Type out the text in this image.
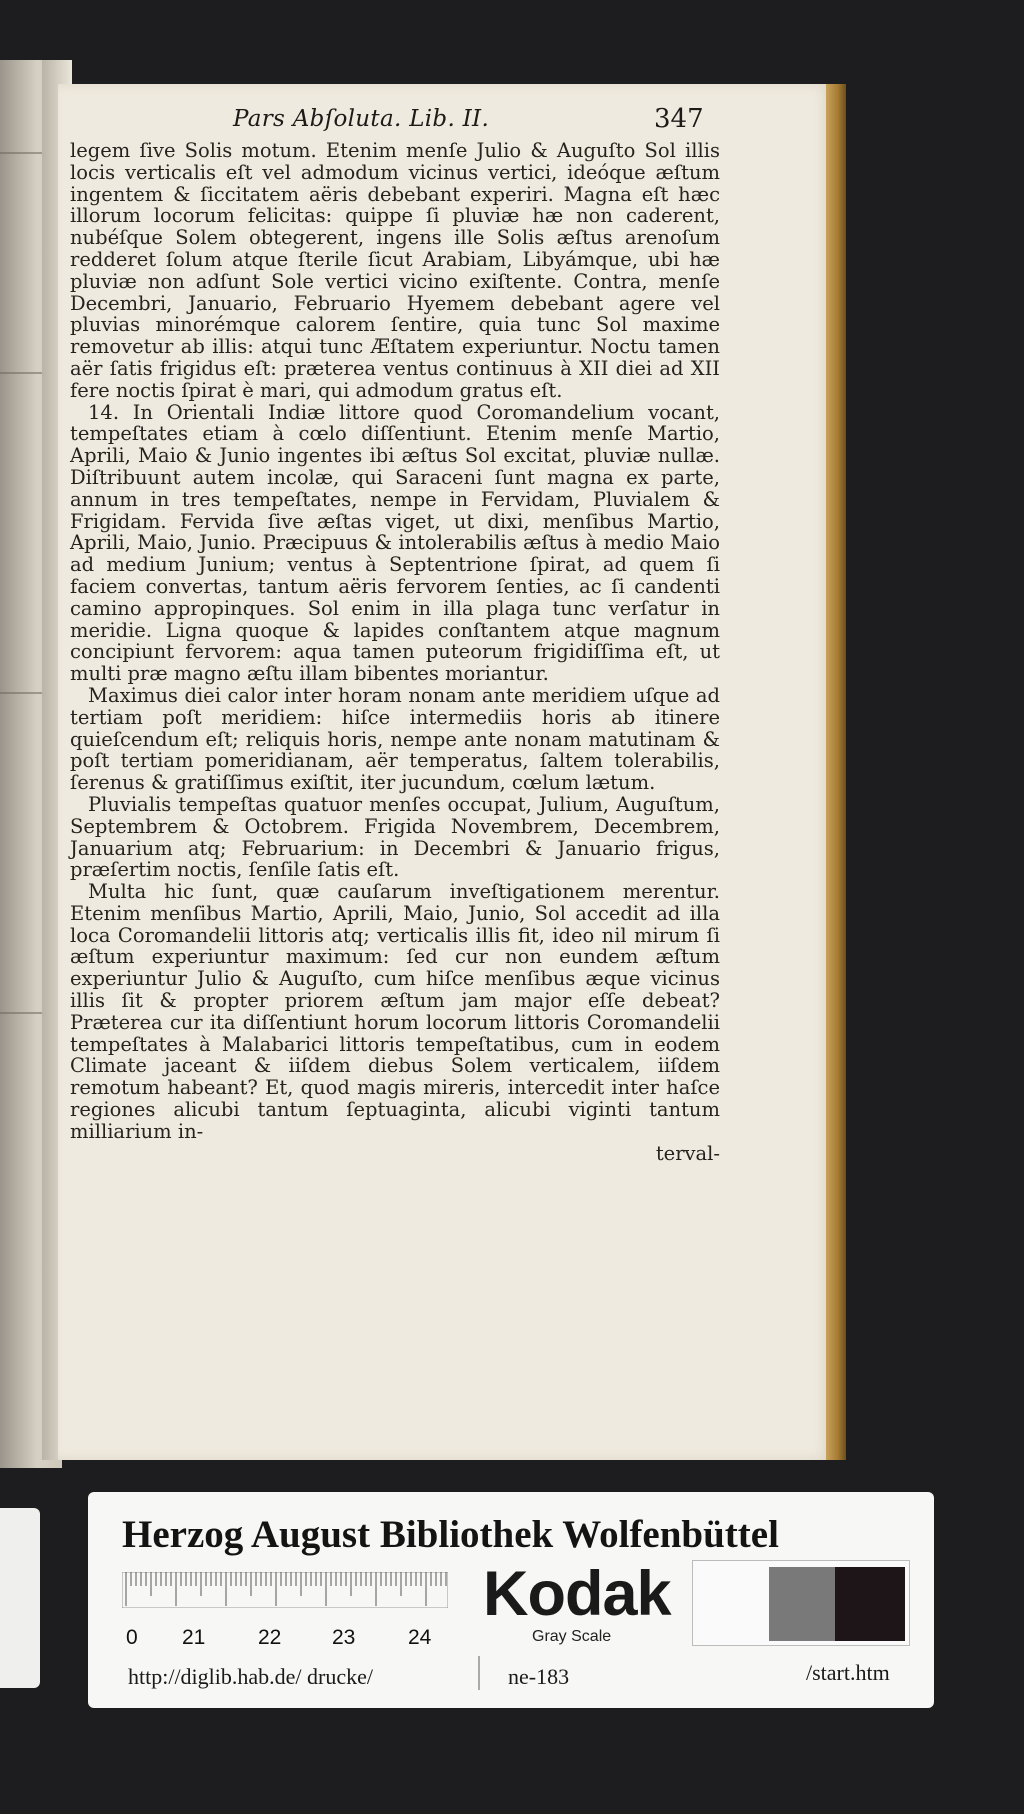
Pars Abſoluta. Lib. II.	347

legem ſive Solis motum. Etenim menſe Julio & Auguſto Sol illis locis verticalis eſt vel admodum vicinus vertici, ideóque æſtum ingentem & ſiccitatem aëris debebant experiri. Magna eſt hæc illorum locorum felicitas: quippe ſi pluviæ hæ non caderent, nubéſque Solem obtegerent, ingens ille Solis æſtus arenoſum redderet ſolum atque ſterile ſicut Arabiam, Libyámque, ubi hæ pluviæ non adſunt Sole vertici vicino exiſtente. Contra, menſe Decembri, Januario, Februario Hyemem debebant agere vel pluvias minorémque calorem ſentire, quia tunc Sol maxime removetur ab illis: atqui tunc Æſtatem experiuntur. Noctu tamen aër ſatis frigidus eſt: præterea ventus continuus à XII diei ad XII fere noctis ſpirat è mari, qui admodum gratus eſt.

14. In Orientali Indiæ littore quod Coromandelium vocant, tempeſtates etiam à cœlo diſſentiunt. Etenim menſe Martio, Aprili, Maio & Junio ingentes ibi æſtus Sol excitat, pluviæ nullæ. Diſtribuunt autem incolæ, qui Saraceni ſunt magna ex parte, annum in tres tempeſtates, nempe in Fervidam, Pluvialem & Frigidam. Fervida ſive æſtas viget, ut dixi, menſibus Martio, Aprili, Maio, Junio. Præcipuus & intolerabilis æſtus à medio Maio ad medium Junium; ventus à Septentrione ſpirat, ad quem ſi faciem convertas, tantum aëris fervorem ſenties, ac ſi candenti camino appropinques. Sol enim in illa plaga tunc verſatur in meridie. Ligna quoque & lapides conſtantem atque magnum concipiunt fervorem: aqua tamen puteorum frigidiſſima eſt, ut multi præ magno æſtu illam bibentes moriantur.

Maximus diei calor inter horam nonam ante meridiem uſque ad tertiam poſt meridiem: hiſce intermediis horis ab itinere quieſcendum eſt; reliquis horis, nempe ante nonam matutinam & poſt tertiam pomeridianam, aër temperatus, ſaltem tolerabilis, ſerenus & gratiſſimus exiſtit, iter jucundum, cœlum lætum.

Pluvialis tempeſtas quatuor menſes occupat, Julium, Auguſtum, Septembrem & Octobrem. Frigida Novembrem, Decembrem, Januarium atq; Februarium: in Decembri & Januario frigus, præſertim noctis, ſenſile ſatis eſt.

Multa hic ſunt, quæ cauſarum inveſtigationem merentur. Etenim menſibus Martio, Aprili, Maio, Junio, Sol accedit ad illa loca Coromandelii littoris atq; verticalis illis fit, ideo nil mirum ſi æſtum experiuntur maximum: ſed cur non eundem æſtum experiuntur Julio & Auguſto, cum hiſce menſibus æque vicinus illis ſit & propter priorem æſtum jam major eſſe debeat? Præterea cur ita diſſentiunt horum locorum littoris Coromandelii tempeſtates à Malabarici littoris tempeſtatibus, cum in eodem Climate jaceant & iiſdem diebus Solem verticalem, iiſdem remotum habeant? Et, quod magis mireris, intercedit inter haſce regiones alicubi tantum ſeptuaginta, alicubi viginti tantum milliarium in-

terval-

Herzog August Bibliothek Wolfenbüttel
0 21	22 23	24
Kodak
Gray Scale
http://diglib.hab.de/ drucke/	ne-183	/start.htm
